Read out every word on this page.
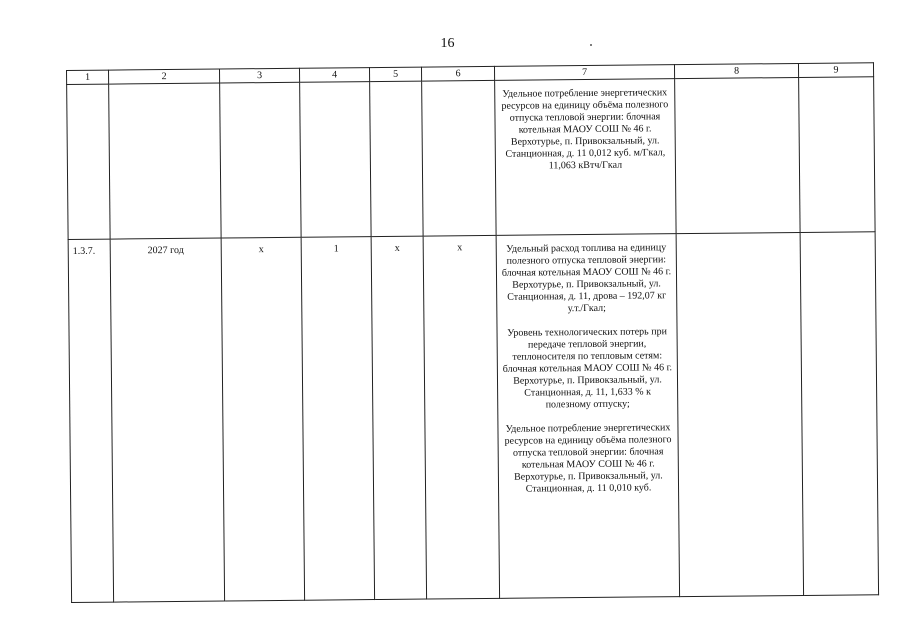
16
1	2	3	4	5	6	7	8	9

						Удельное потребление энергетических ресурсов на единицу объёма полезного отпуска тепловой энергии: блочная котельная МАОУ СОШ № 46 г. Верхотурье, п. Привокзальный, ул. Станционная, д. 11 0,012 куб. м/Гкал, 11,063 кВтч/Гкал		

1.3.7.	2027 год	x	1	x	x	Удельный расход топлива на единицу полезного отпуска тепловой энергии: блочная котельная МАОУ СОШ № 46 г. Верхотурье, п. Привокзальный, ул. Станционная, д. 11, дрова – 192,07 кг у.т./Гкал;

Уровень технологических потерь при передаче тепловой энергии, теплоносителя по тепловым сетям: блочная котельная МАОУ СОШ № 46 г. Верхотурье, п. Привокзальный, ул. Станционная, д. 11, 1,633 % к полезному отпуску;

Удельное потребление энергетических ресурсов на единицу объёма полезного отпуска тепловой энергии: блочная котельная МАОУ СОШ № 46 г. Верхотурье, п. Привокзальный, ул. Станционная, д. 11 0,010 куб.		
